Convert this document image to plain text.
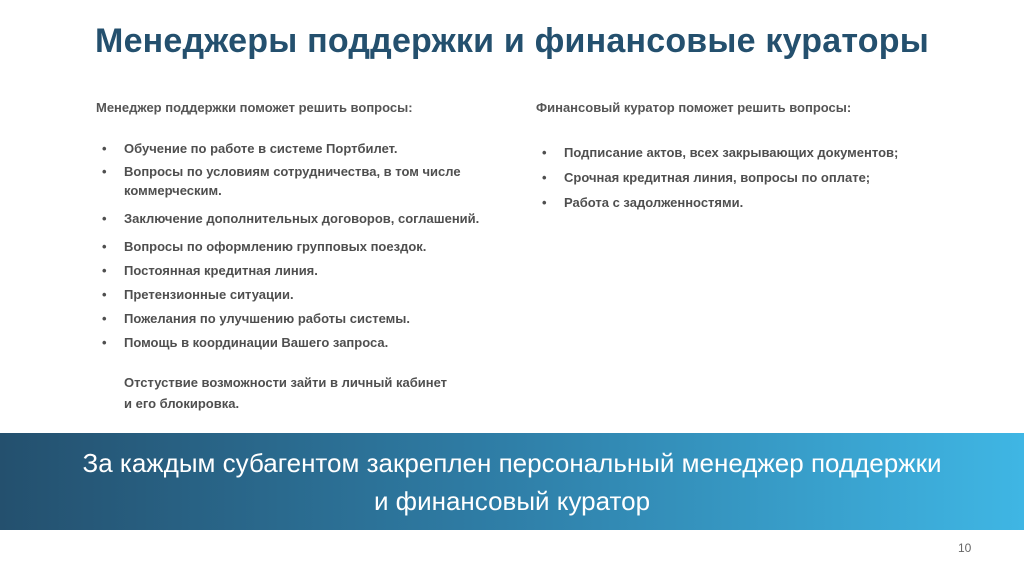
Менеджеры поддержки и финансовые кураторы
Менеджер поддержки поможет решить вопросы:
• Обучение по работе в системе Портбилет.
• Вопросы по условиям сотрудничества, в том числе коммерческим.
• Заключение дополнительных договоров, соглашений.
• Вопросы по оформлению групповых поездок.
• Постоянная кредитная линия.
• Претензионные ситуации.
• Пожелания по улучшению работы системы.
• Помощь в координации Вашего запроса.
Отстуствие возможности зайти в личный кабинет
и его блокировка.
Финансовый куратор поможет решить вопросы:
• Подписание актов, всех закрывающих документов;
• Срочная кредитная линия, вопросы по оплате;
• Работа с задолженностями.
За каждым субагентом закреплен персональный менеджер поддержки
и финансовый куратор
10
